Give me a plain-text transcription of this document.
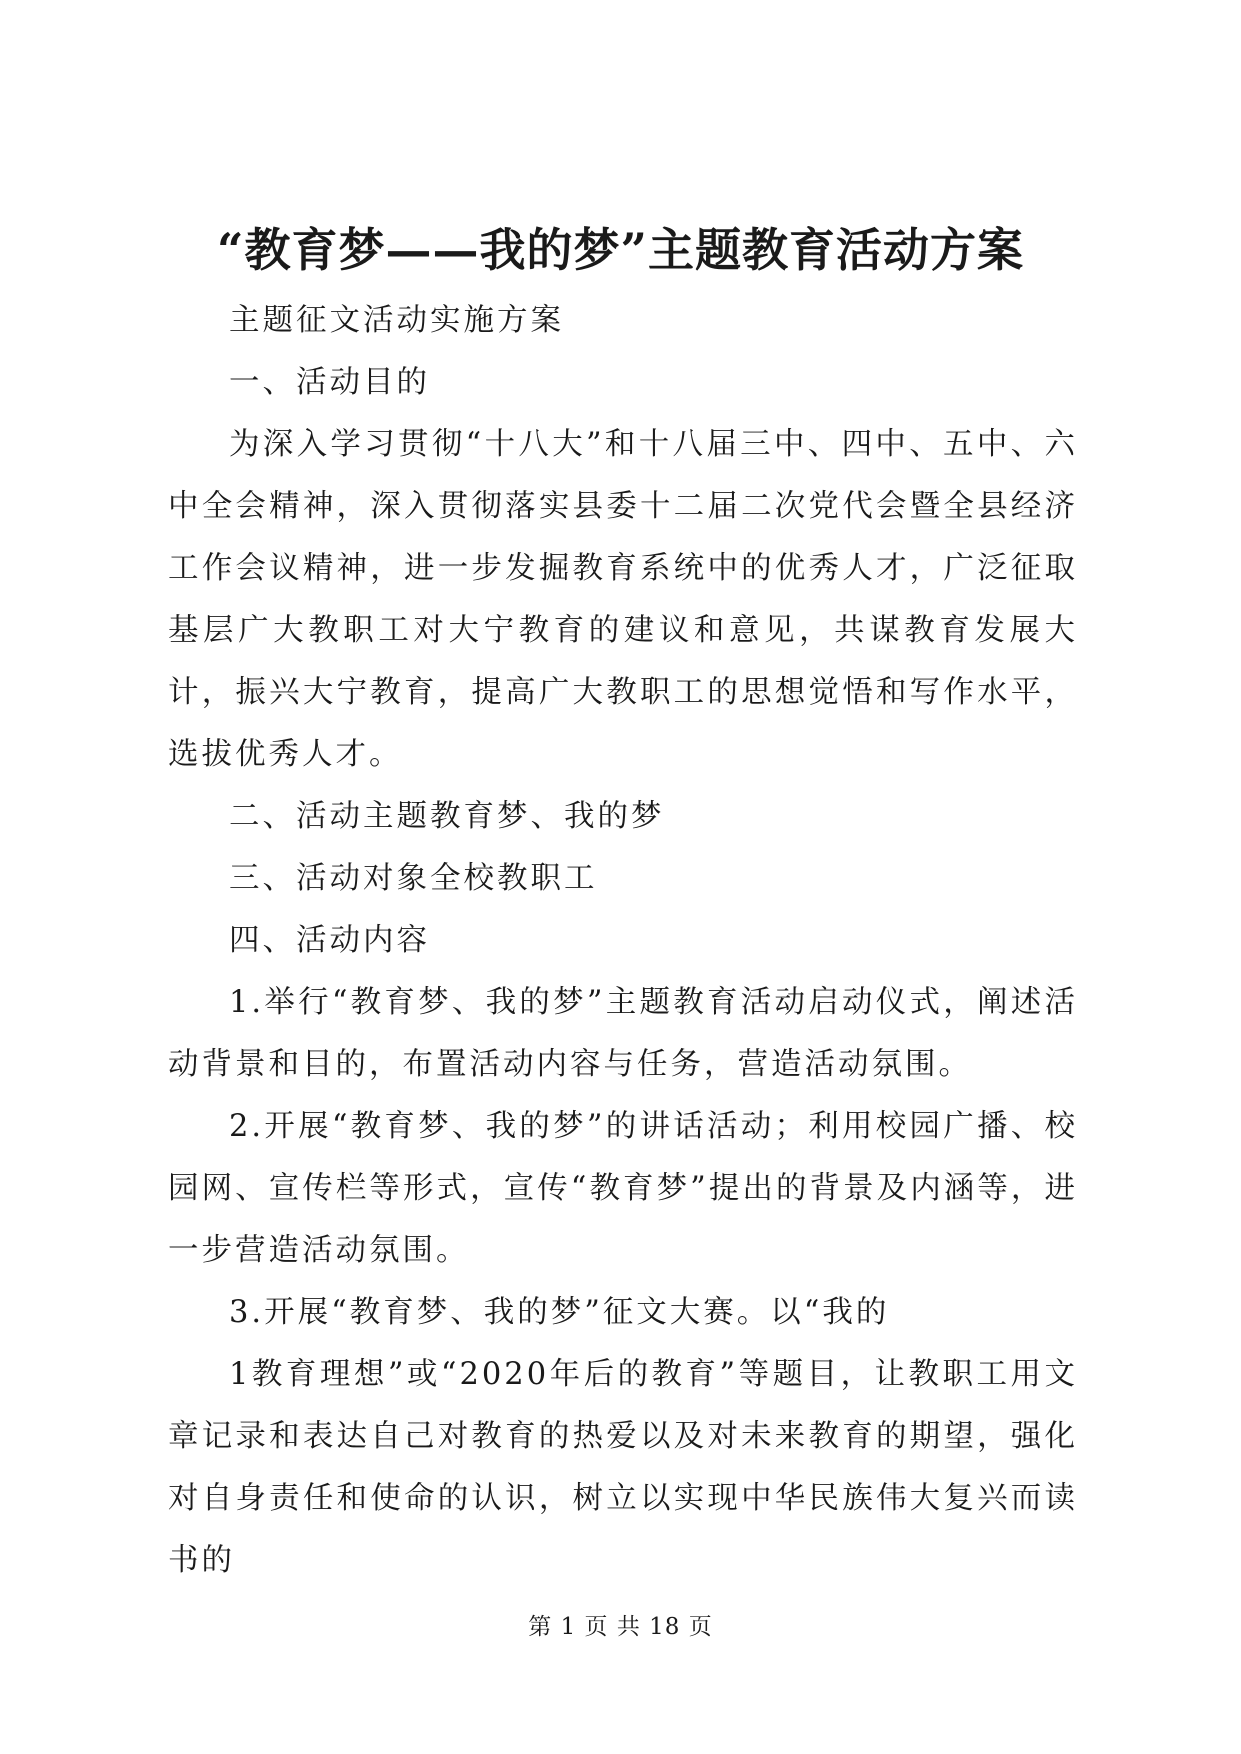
“教育梦——我的梦”主题教育活动方案

主题征文活动实施方案

一、活动目的

为深入学习贯彻“十八大”和十八届三中、四中、五中、六中全会精神，深入贯彻落实县委十二届二次党代会暨全县经济工作会议精神，进一步发掘教育系统中的优秀人才，广泛征取基层广大教职工对大宁教育的建议和意见，共谋教育发展大计，振兴大宁教育，提高广大教职工的思想觉悟和写作水平，选拔优秀人才。

二、活动主题教育梦、我的梦

三、活动对象全校教职工

四、活动内容

1.举行“教育梦、我的梦”主题教育活动启动仪式，阐述活动背景和目的，布置活动内容与任务，营造活动氛围。

2.开展“教育梦、我的梦”的讲话活动；利用校园广播、校园网、宣传栏等形式，宣传“教育梦”提出的背景及内涵等，进一步营造活动氛围。

3.开展“教育梦、我的梦”征文大赛。以“我的

1教育理想”或“2020年后的教育”等题目，让教职工用文章记录和表达自己对教育的热爱以及对未来教育的期望，强化对自身责任和使命的认识，树立以实现中华民族伟大复兴而读书的

第 1 页 共 18 页
